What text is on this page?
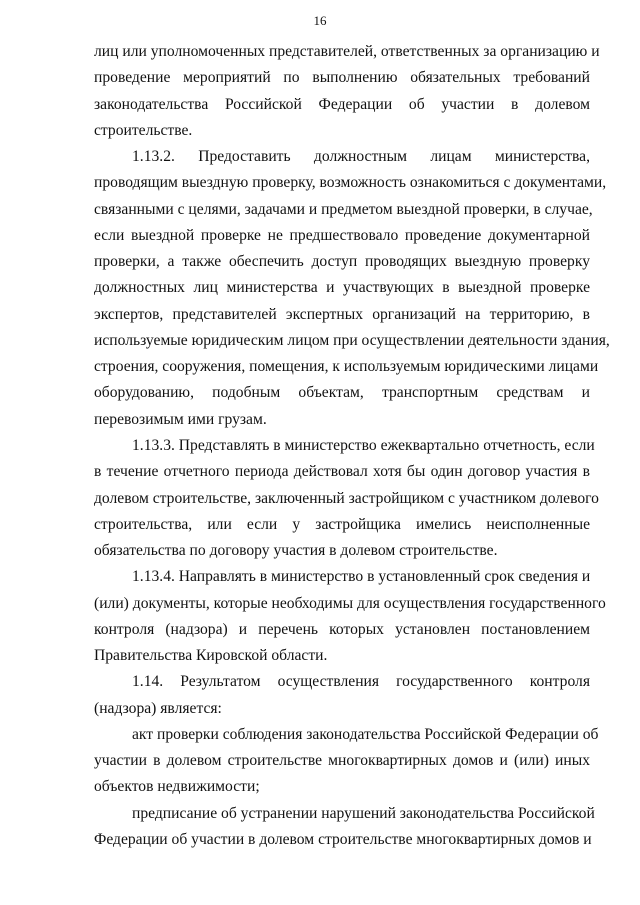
16
лиц или уполномоченных представителей, ответственных за организацию и
проведение мероприятий по выполнению обязательных требований
законодательства Российской Федерации об участии в долевом
строительстве.
1.13.2. Предоставить должностным лицам министерства,
проводящим выездную проверку, возможность ознакомиться с документами,
связанными с целями, задачами и предметом выездной проверки, в случае,
если выездной проверке не предшествовало проведение документарной
проверки, а также обеспечить доступ проводящих выездную проверку
должностных лиц министерства и участвующих в выездной проверке
экспертов, представителей экспертных организаций на территорию, в
используемые юридическим лицом при осуществлении деятельности здания,
строения, сооружения, помещения, к используемым юридическими лицами
оборудованию, подобным объектам, транспортным средствам и
перевозимым ими грузам.
1.13.3. Представлять в министерство ежеквартально отчетность, если
в течение отчетного периода действовал хотя бы один договор участия в
долевом строительстве, заключенный застройщиком с участником долевого
строительства, или если у застройщика имелись неисполненные
обязательства по договору участия в долевом строительстве.
1.13.4. Направлять в министерство в установленный срок сведения и
(или) документы, которые необходимы для осуществления государственного
контроля (надзора) и перечень которых установлен постановлением
Правительства Кировской области.
1.14. Результатом осуществления государственного контроля
(надзора) является:
акт проверки соблюдения законодательства Российской Федерации об
участии в долевом строительстве многоквартирных домов и (или) иных
объектов недвижимости;
предписание об устранении нарушений законодательства Российской
Федерации об участии в долевом строительстве многоквартирных домов и
